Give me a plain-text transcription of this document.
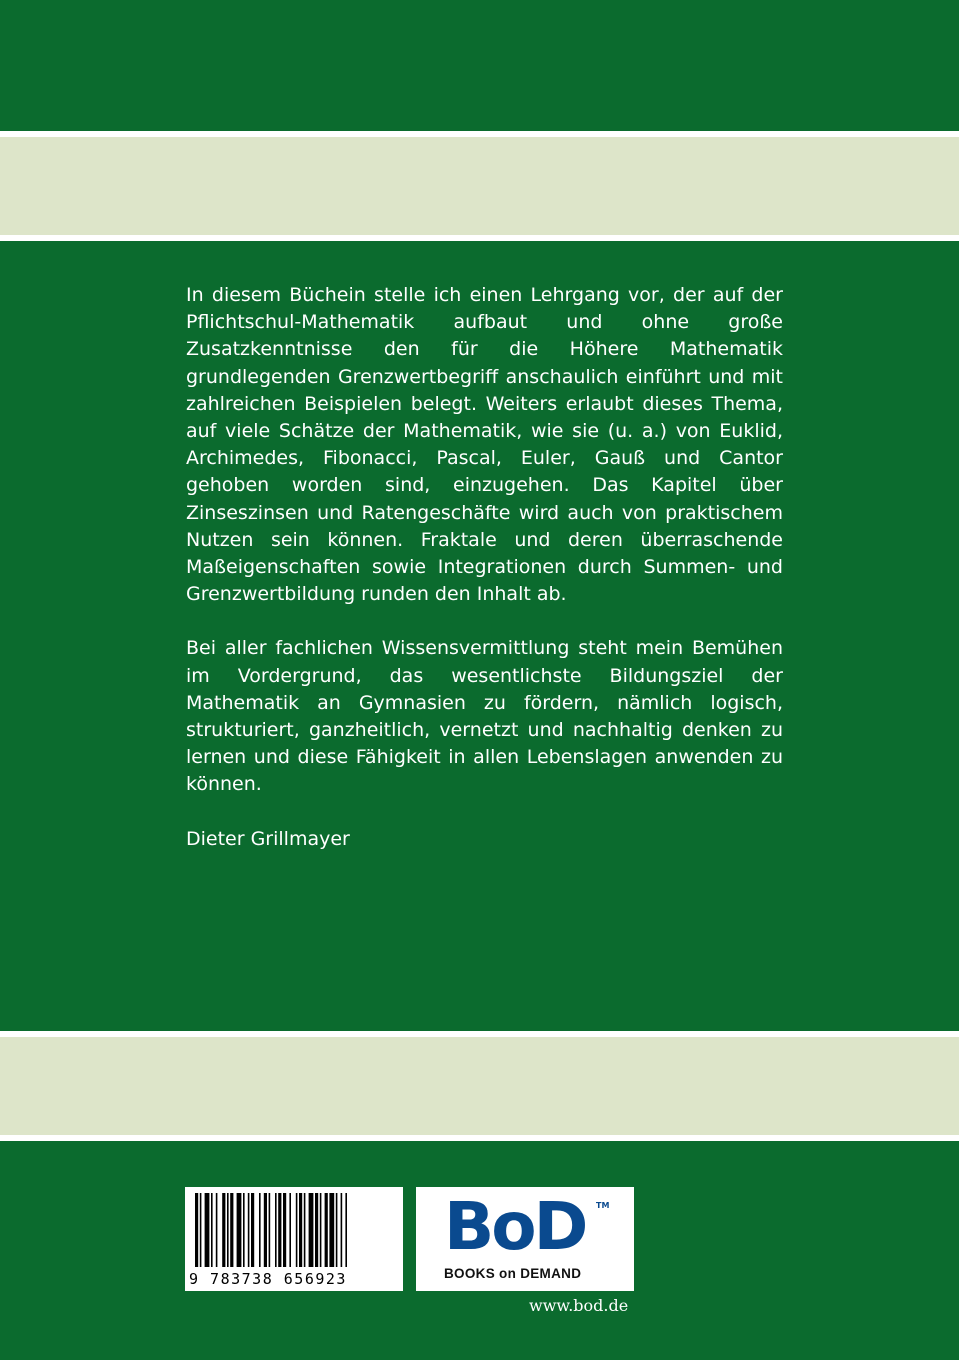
In diesem Büchein stelle ich einen Lehrgang vor, der auf der Pflichtschul-Mathematik aufbaut und ohne große Zusatzkenntnisse den für die Höhere Mathematik grundlegenden Grenzwertbegriff anschaulich einführt und mit zahlreichen Beispielen belegt. Weiters erlaubt dieses Thema, auf viele Schätze der Mathematik, wie sie (u. a.) von Euklid, Archimedes, Fibonacci, Pascal, Euler, Gauß und Cantor gehoben worden sind, einzugehen. Das Kapitel über Zinseszinsen und Ratengeschäfte wird auch von praktischem Nutzen sein können. Fraktale und deren überraschende Maßeigenschaften sowie Integrationen durch Summen- und Grenzwertbildung runden den Inhalt ab.

Bei aller fachlichen Wissensvermittlung steht mein Bemühen im Vordergrund, das wesentlichste Bildungsziel der Mathematik an Gymnasien zu fördern, nämlich logisch, strukturiert, ganzheitlich, vernetzt und nachhaltig denken zu lernen und diese Fähigkeit in allen Lebenslagen anwenden zu können.

Dieter Grillmayer

9 783738 656923
BoD TM
BOOKS on DEMAND
www.bod.de
